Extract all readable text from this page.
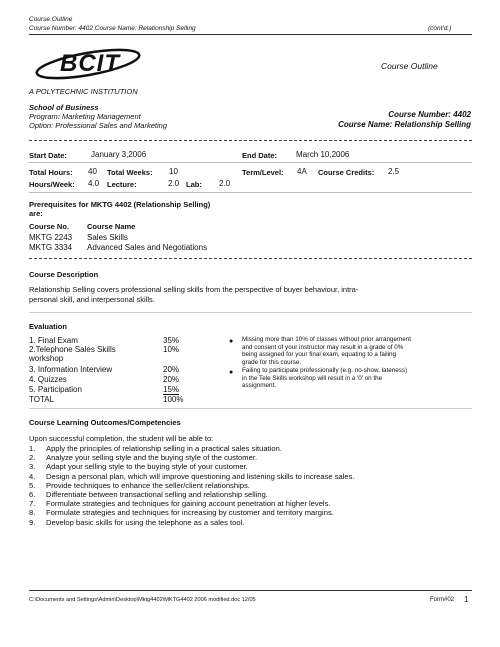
Course Outline
Course Number: 4402 Course Name: Relationship Selling	(cont'd.)
BCIT
A POLYTECHNIC INSTITUTION
Course Outline
School of Business
Program: Marketing Management
Option: Professional Sales and Marketing
Course Number: 4402
Course Name: Relationship Selling
Start Date:	January 3,2006	End Date: March 10,2006
Total Hours: 40 Total Weeks: 10	Term/Level: 4A Course Credits: 2.5
Hours/Week: 4.0 Lecture:	2.0 Lab: 2.0
Prerequisites for MKTG 4402 (Relationship Selling)
are:
Course No. Course Name
MKTG 2243 Sales Skills
MKTG 3334 Advanced Sales and Negotiations
Course Description
Relationship Selling covers professional selling skills from the perspective of buyer behaviour, intra-
personal skill, and interpersonal skills.
Evaluation
1. Final Exam	35%
2.Telephone Sales Skills	10%
workshop
3. Information Interview	20%
4. Quizzes	20%
5. Participation	15%
TOTAL	100%
● Missing more than 10% of classes without prior arrangement
and consent of your instructor may result in a grade of 0%
being assigned for your final exam, equating to a failing
grade for this course.
● Failing to participate professionally (e.g. no-show, lateness)
in the Tele Skills workshop will result in a '0' on the
assignment.
Course Learning Outcomes/Competencies
Upon successful completion, the student will be able to:
1. Apply the principles of relationship selling in a practical sales situation.
2. Analyze your selling style and the buying style of the customer.
3. Adapt your selling style to the buying style of your customer.
4. Design a personal plan, which will improve questioning and listening skills to increase sales.
5. Provide techniques to enhance the seller/client relationships.
6. Differentiate between transactional selling and relationship selling.
7. Formulate strategies and techniques for gaining account penetration at higher levels.
8. Formulate strategies and techniques for increasing by customer and territory margins.
9. Develop basic skills for using the telephone as a sales tool.
C:\Documents and Settings\Admin\Desktop\Mktg4402\MKTG4402 2006 modified.doc 12/05	Form#02 1
